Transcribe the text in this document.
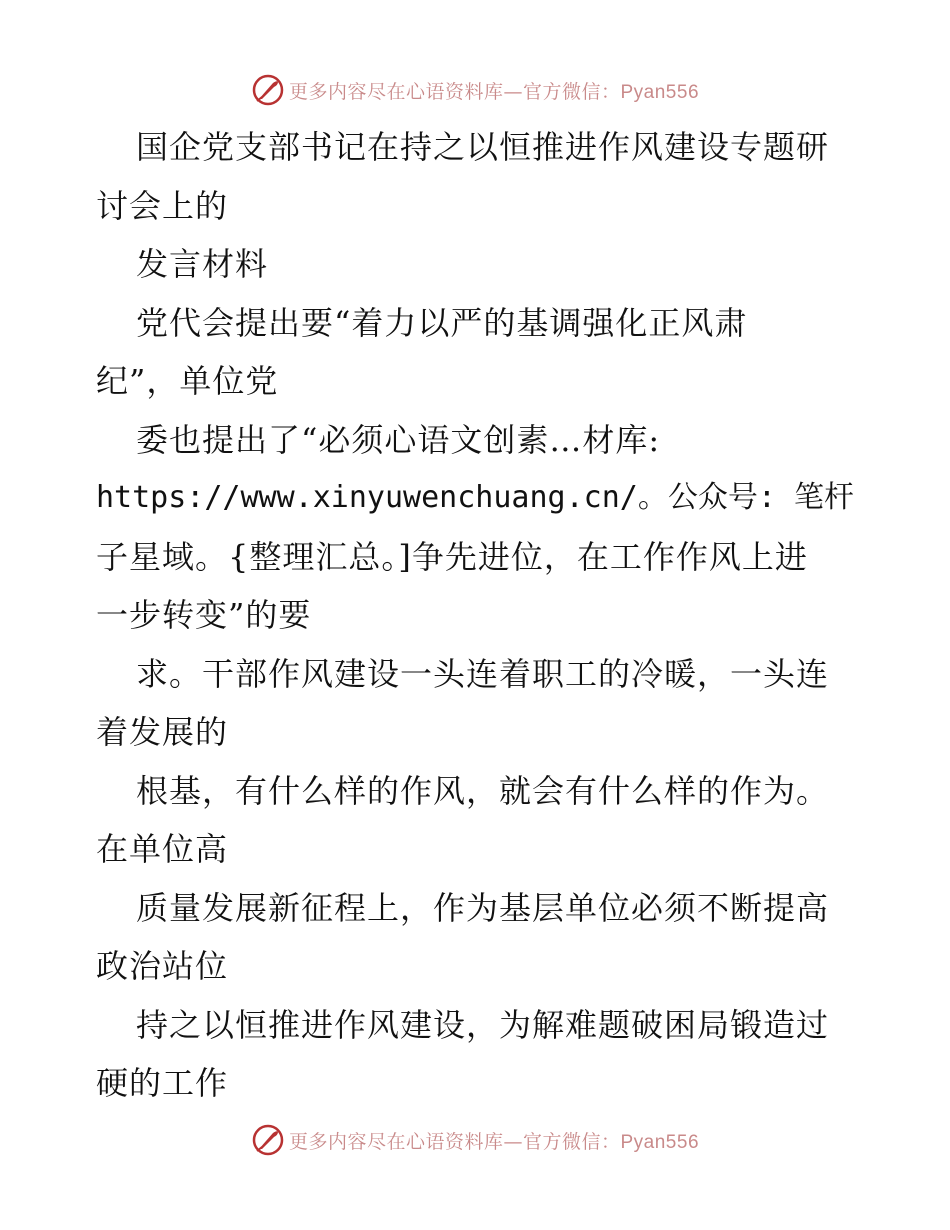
更多内容尽在心语资料库—官方微信：Pyan556
国企党支部书记在持之以恒推进作风建设专题研
讨会上的
发言材料
党代会提出要“着力以严的基调强化正风肃
纪”，单位党
委也提出了“必须心语文创素…材库:
https://www.xinyuwenchuang.cn/。公众号: 笔杆
子星域。{整理汇总。]争先进位，在工作作风上进
一步转变”的要
求。干部作风建设一头连着职工的冷暖，一头连
着发展的
根基，有什么样的作风，就会有什么样的作为。
在单位高
质量发展新征程上，作为基层单位必须不断提高
政治站位
持之以恒推进作风建设，为解难题破困局锻造过
硬的工作
更多内容尽在心语资料库—官方微信：Pyan556
